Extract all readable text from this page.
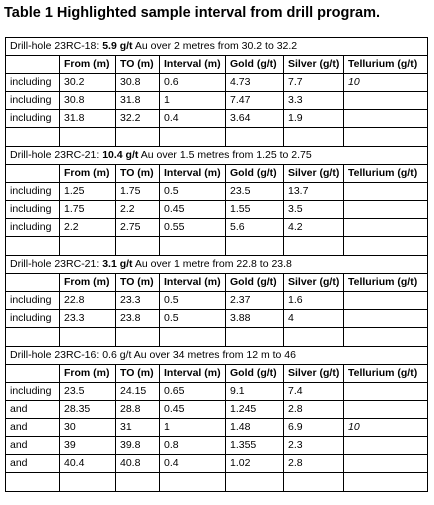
Table 1 Highlighted sample interval from drill program.
Drill-hole 23RC-18: 5.9 g/t Au over 2 metres from 30.2 to 32.2						
	From (m)	TO (m)	Interval (m)	Gold (g/t)	Silver (g/t)	Tellurium (g/t)
including	30.2	30.8	0.6	4.73	7.7	10
including	30.8	31.8	1	7.47	3.3	
including	31.8	32.2	0.4	3.64	1.9	

Drill-hole 23RC-21: 10.4 g/t Au over 1.5 metres from 1.25 to 2.75						
	From (m)	TO (m)	Interval (m)	Gold (g/t)	Silver (g/t)	Tellurium (g/t)
including	1.25	1.75	0.5	23.5	13.7	
including	1.75	2.2	0.45	1.55	3.5	
including	2.2	2.75	0.55	5.6	4.2	

Drill-hole 23RC-21: 3.1 g/t Au over 1 metre from 22.8 to 23.8						
	From (m)	TO (m)	Interval (m)	Gold (g/t)	Silver (g/t)	Tellurium (g/t)
including	22.8	23.3	0.5	2.37	1.6	
including	23.3	23.8	0.5	3.88	4	

Drill-hole 23RC-16: 0.6 g/t Au over 34 metres from 12 m to 46						
	From (m)	TO (m)	Interval (m)	Gold (g/t)	Silver (g/t)	Tellurium (g/t)
including	23.5	24.15	0.65	9.1	7.4	
and	28.35	28.8	0.45	1.245	2.8	
and	30	31	1	1.48	6.9	10
and	39	39.8	0.8	1.355	2.3	
and	40.4	40.8	0.4	1.02	2.8	
